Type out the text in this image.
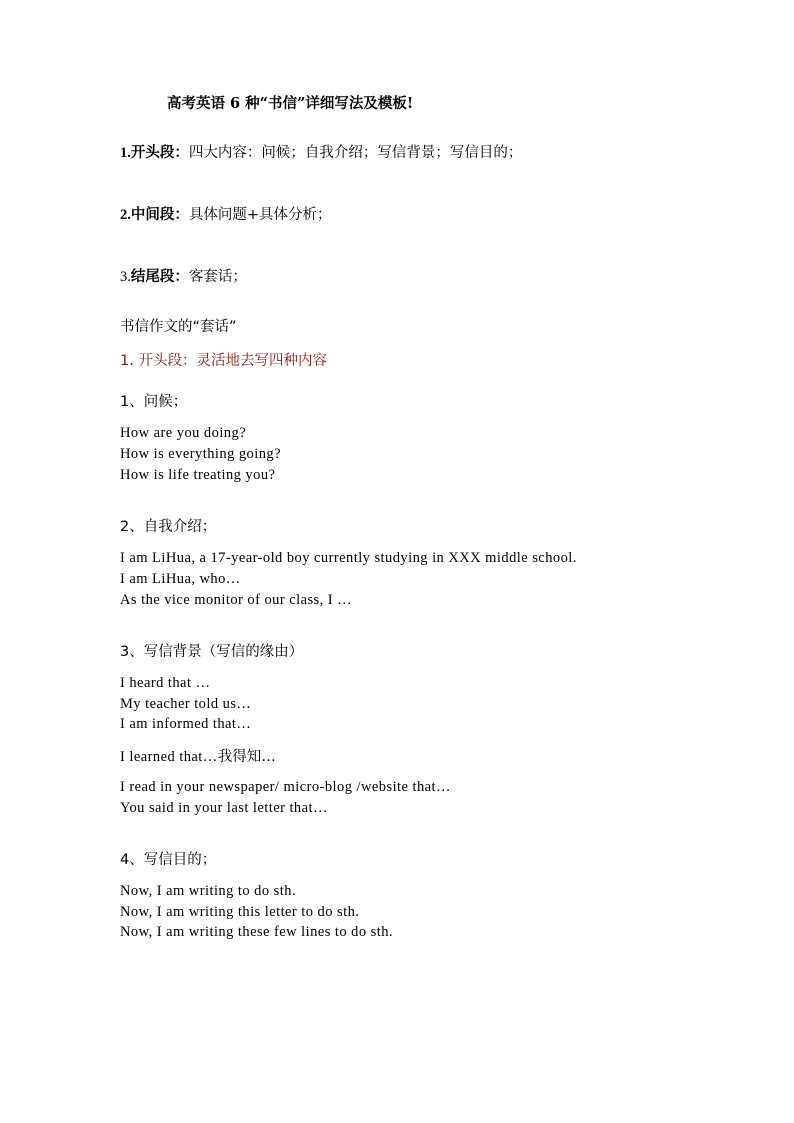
高考英语 6 种“书信”详细写法及模板!
1.开头段：四大内容：问候；自我介绍；写信背景；写信目的；
2.中间段：具体问题+具体分析；
3.结尾段：客套话；
书信作文的“套话”
1. 开头段：灵活地去写四种内容
1、问候；
How are you doing?
How is everything going?
How is life treating you?
2、自我介绍；
I am LiHua, a 17-year-old boy currently studying in XXX middle school.
I am LiHua, who…
As the vice monitor of our class, I …
3、写信背景（写信的缘由）
I heard that …
My teacher told us…
I am informed that…
I learned that…我得知…
I read in your newspaper/ micro-blog /website that…
You said in your last letter that…
4、写信目的；
Now, I am writing to do sth.
Now, I am writing this letter to do sth.
Now, I am writing these few lines to do sth.
